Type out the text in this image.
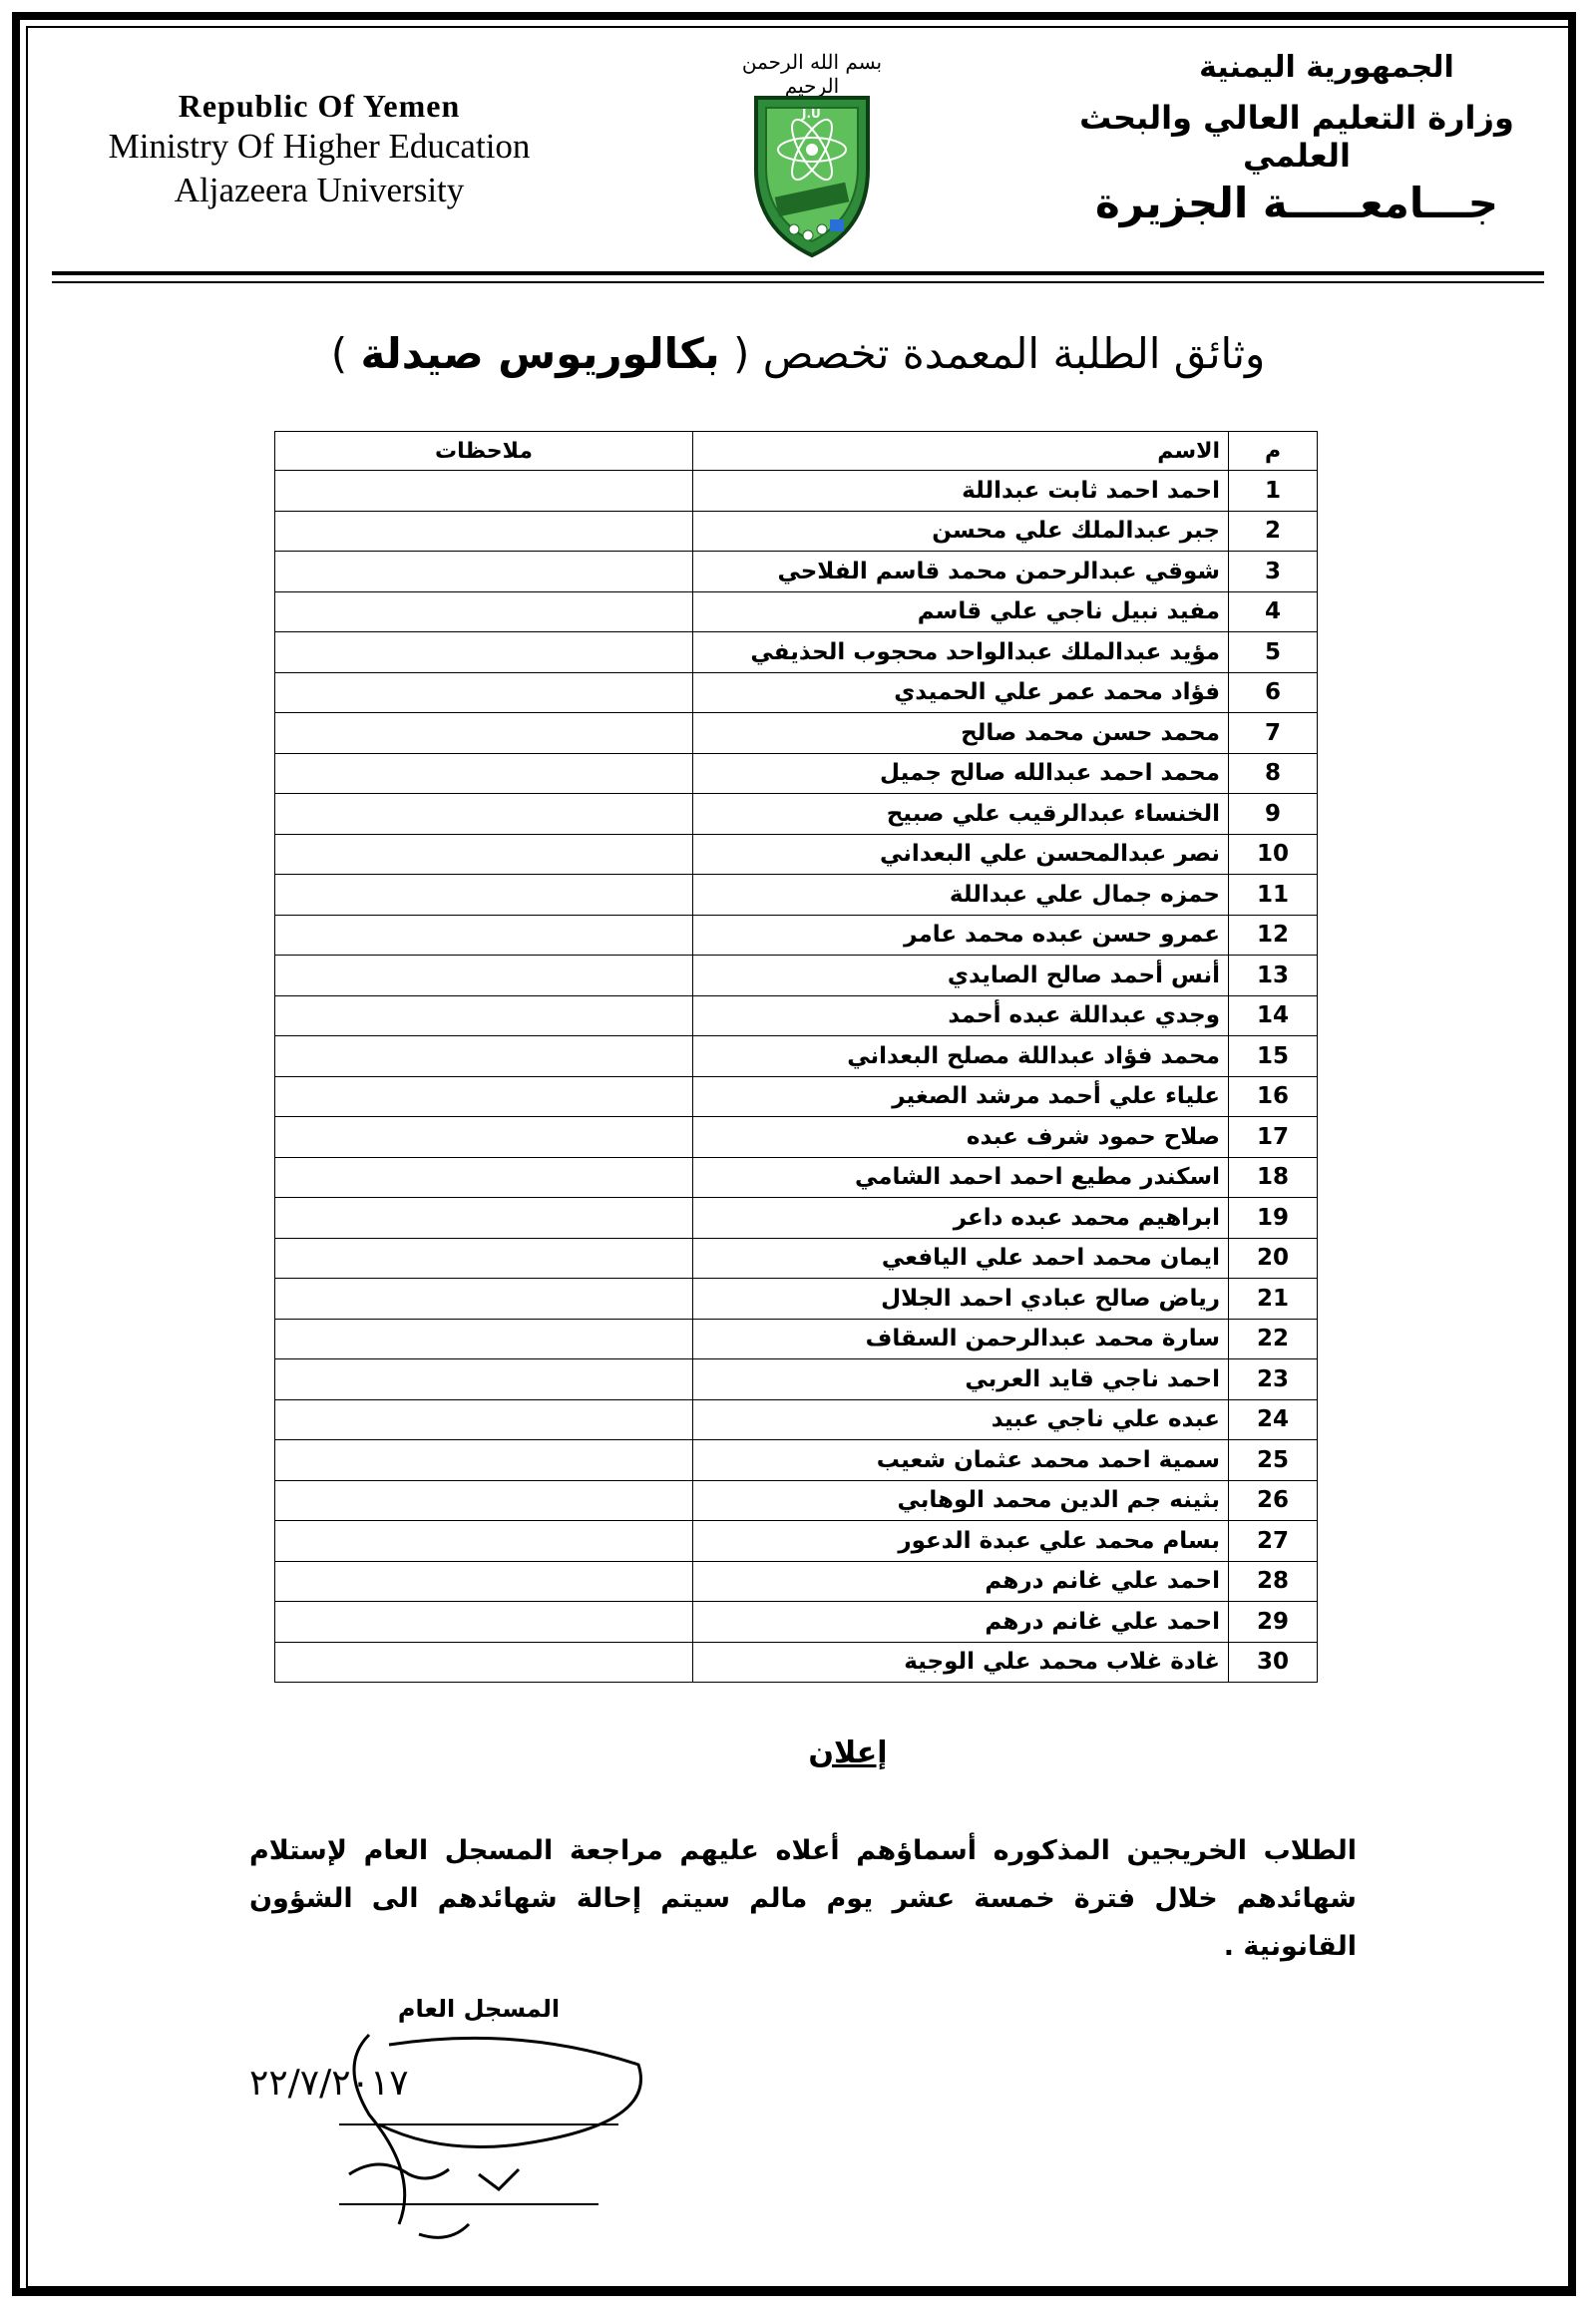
Republic Of Yemen
Ministry Of Higher Education
Aljazeera University
بسم الله الرحمن الرحيم
J.U
الجمهورية اليمنية
وزارة التعليم العالي والبحث العلمي
جـــامعـــــة الجزيرة
وثائق الطلبة المعمدة تخصص ( بكالوريوس صيدلة )
م	الاسم	ملاحظات
1	احمد احمد ثابت عبداللة	
2	جبر عبدالملك علي محسن	
3	شوقي عبدالرحمن محمد قاسم الفلاحي	
4	مفيد نبيل ناجي علي قاسم	
5	مؤيد عبدالملك عبدالواحد محجوب الحذيفي	
6	فؤاد محمد عمر علي الحميدي	
7	محمد حسن محمد صالح	
8	محمد احمد عبدالله صالح جميل	
9	الخنساء عبدالرقيب علي صبيح	
10	نصر عبدالمحسن علي البعداني	
11	حمزه جمال علي عبداللة	
12	عمرو حسن عبده محمد عامر	
13	أنس أحمد صالح الصايدي	
14	وجدي عبداللة عبده أحمد	
15	محمد فؤاد عبداللة مصلح البعداني	
16	علياء علي أحمد مرشد الصغير	
17	صلاح حمود شرف عبده	
18	اسكندر مطيع احمد احمد الشامي	
19	ابراهيم محمد عبده داعر	
20	ايمان محمد احمد علي اليافعي	
21	رياض صالح عبادي احمد الجلال	
22	سارة محمد عبدالرحمن السقاف	
23	احمد ناجي قايد العربي	
24	عبده علي ناجي عبيد	
25	سمية احمد محمد عثمان شعيب	
26	بثينه جم الدين محمد الوهابي	
27	بسام محمد علي عبدة الدعور	
28	احمد علي غانم درهم	
29	احمد علي غانم درهم	
30	غادة غلاب محمد علي الوجية	
إعلان
الطلاب الخريجين المذكوره أسماؤهم أعلاه عليهم مراجعة المسجل العام لإستلام شهائدهم خلال فترة خمسة عشر يوم مالم سيتم إحالة شهائدهم الى الشؤون القانونية .
المسجل العام
٢٢/٧/٢٠١٧
